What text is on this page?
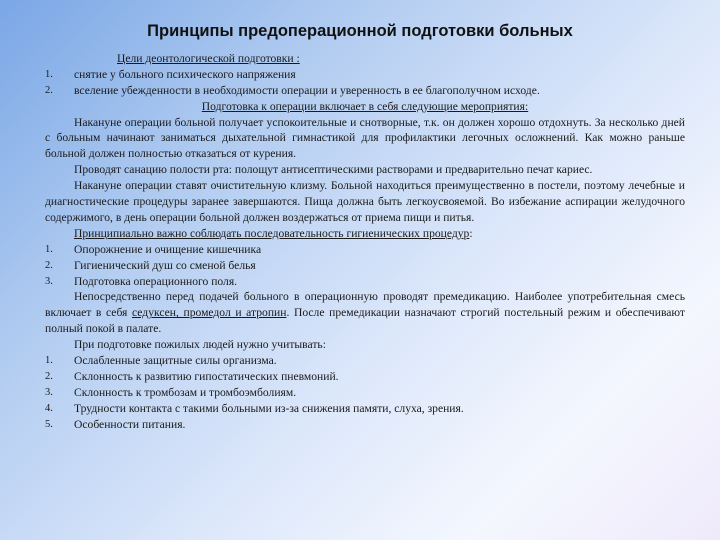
Принципы предоперационной подготовки больных
Цели деонтологической подготовки :
1. снятие у больного психического напряжения
2. вселение убежденности в необходимости операции и уверенность в ее благополучном исходе.
Подготовка к операции включает в себя следующие мероприятия:
Накануне операции больной получает успокоительные и снотворные, т.к. он должен хорошо отдохнуть. За несколько дней с больным начинают заниматься дыхательной гимнастикой для профилактики легочных осложнений. Как можно раньше больной должен полностью отказаться от курения.
Проводят санацию полости рта: полощут антисептическими растворами и предварительно печат кариес.
Накануне операции ставят очистительную клизму. Больной находиться преимущественно в постели, поэтому лечебные и диагностические процедуры заранее завершаются. Пища должна быть легкоусвояемой. Во избежание аспирации желудочного содержимого, в день операции больной должен воздержаться от приема пищи и питья.
Принципиально важно соблюдать последовательность гигиенических процедур:
1. Опорожнение и очищение кишечника
2. Гигиенический душ со сменой белья
3. Подготовка операционного поля.
Непосредственно перед подачей больного в операционную проводят премедикацию. Наиболее употребительная смесь включает в себя седуксен, промедол и атропин. После премедикации назначают строгий постельный режим и обеспечивают полный покой в палате.
При подготовке пожилых людей нужно учитывать:
1. Ослабленные защитные силы организма.
2. Склонность к развитию гипостатических пневмоний.
3. Склонность к тромбозам и тромбоэмболиям.
4. Трудности контакта с такими больными из-за снижения памяти, слуха, зрения.
5. Особенности питания.
